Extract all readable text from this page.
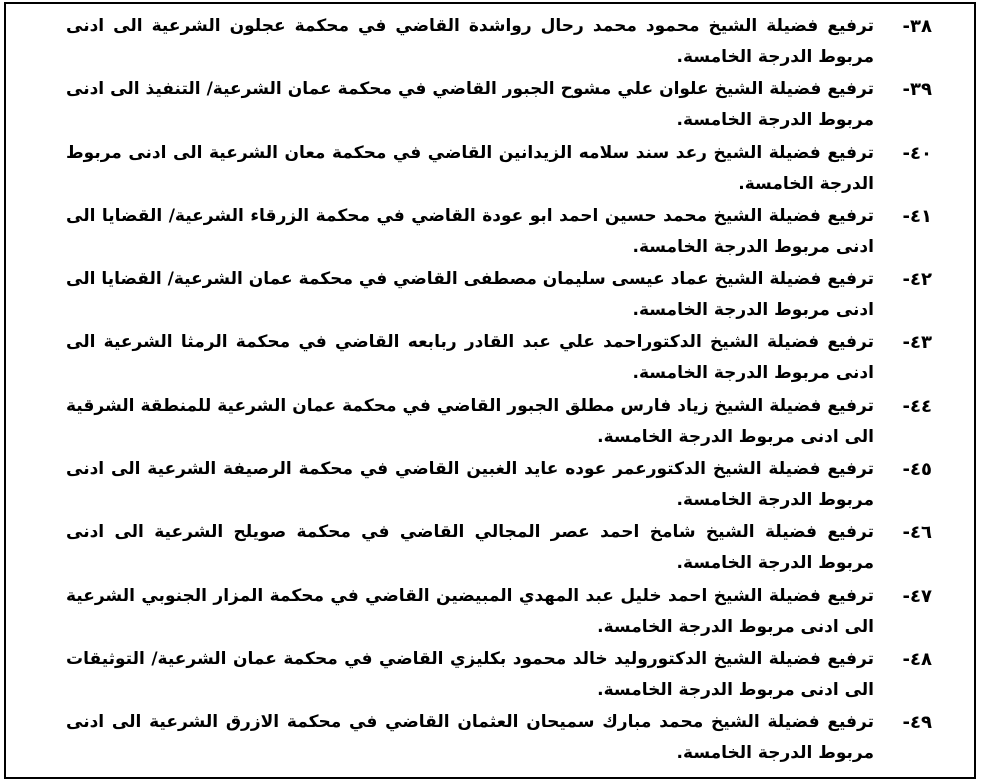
٣٨-
ترفيع فضيلة الشيخ محمود محمد رحال رواشدة القاضي في محكمة عجلون الشرعية الى ادنى مربوط الدرجة الخامسة.
٣٩-
ترفيع فضيلة الشيخ علوان علي مشوح الجبور القاضي في محكمة عمان الشرعية/ التنفيذ الى ادنى مربوط الدرجة الخامسة.
٤٠-
ترفيع فضيلة الشيخ رعد سند سلامه الزيدانين القاضي في محكمة معان الشرعية الى ادنى مربوط الدرجة الخامسة.
٤١-
ترفيع فضيلة الشيخ محمد حسين احمد ابو عودة القاضي في محكمة الزرقاء الشرعية/ القضايا الى ادنى مربوط الدرجة الخامسة.
٤٢-
ترفيع فضيلة الشيخ عماد عيسى سليمان مصطفى القاضي في محكمة عمان الشرعية/ القضايا الى ادنى مربوط الدرجة الخامسة.
٤٣-
ترفيع فضيلة الشيخ الدكتوراحمد علي عبد القادر ربابعه القاضي في محكمة الرمثا الشرعية الى ادنى مربوط الدرجة الخامسة.
٤٤-
ترفيع فضيلة الشيخ زياد فارس مطلق الجبور القاضي في محكمة عمان الشرعية للمنطقة الشرقية الى ادنى مربوط الدرجة الخامسة.
٤٥-
ترفيع فضيلة الشيخ الدكتورعمر عوده عايد الغبين القاضي في محكمة الرصيفة الشرعية الى ادنى مربوط الدرجة الخامسة.
٤٦-
ترفيع فضيلة الشيخ شامخ احمد عصر المجالي القاضي في محكمة صويلح الشرعية الى ادنى مربوط الدرجة الخامسة.
٤٧-
ترفيع فضيلة الشيخ احمد خليل عبد المهدي المبيضين القاضي في محكمة المزار الجنوبي الشرعية الى ادنى مربوط الدرجة الخامسة.
٤٨-
ترفيع فضيلة الشيخ الدكتوروليد خالد محمود بكليزي القاضي في محكمة عمان الشرعية/ التوثيقات الى ادنى مربوط الدرجة الخامسة.
٤٩-
ترفيع فضيلة الشيخ محمد مبارك سميحان العثمان القاضي في محكمة الازرق الشرعية الى ادنى مربوط الدرجة الخامسة.
